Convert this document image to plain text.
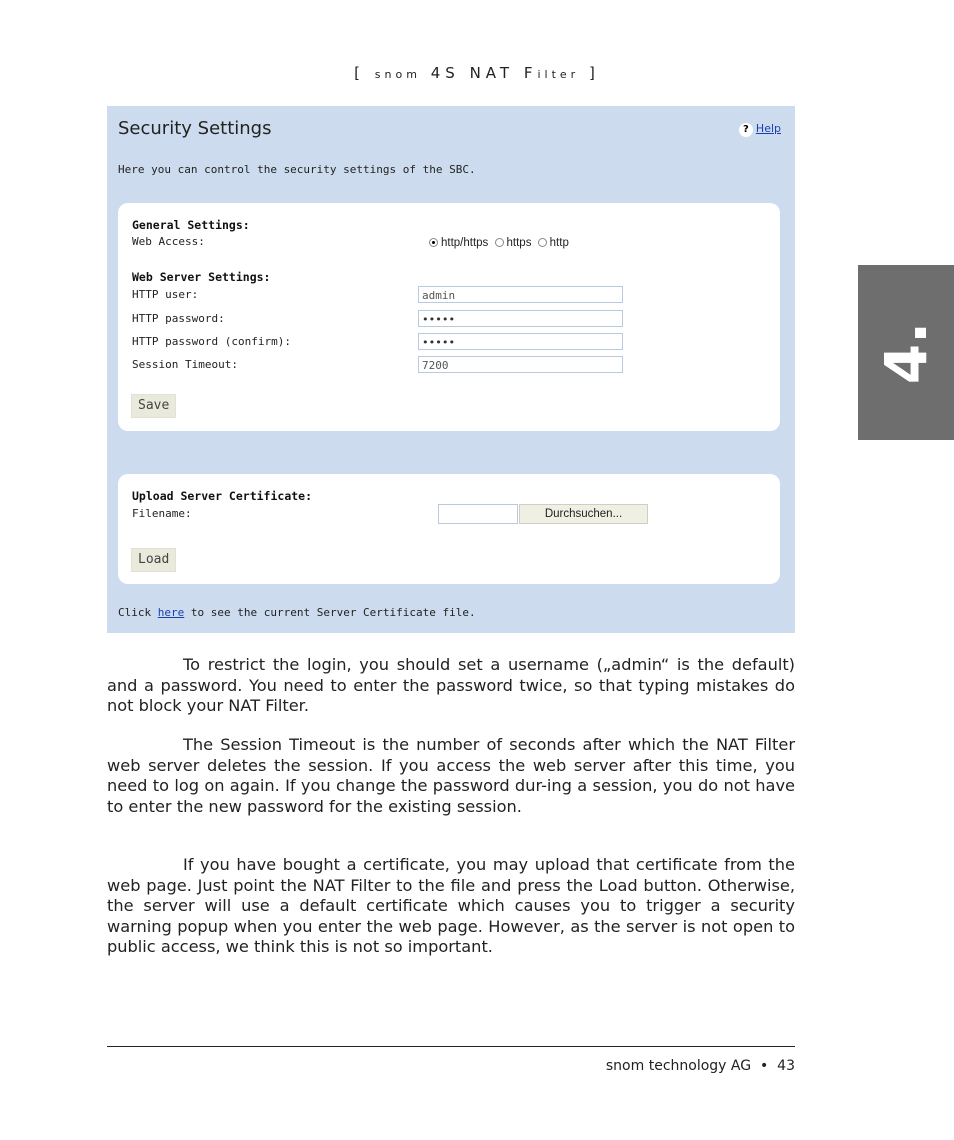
[ snom 4S NAT Filter ]
4.
Security Settings	? Help
Here you can control the security settings of the SBC.
General Settings:
Web Access:	http/https https http
Web Server Settings:
HTTP user:	admin
HTTP password:	•••••
HTTP password (confirm):	•••••
Session Timeout:	7200
Save
Upload Server Certificate:
Filename:	Durchsuchen...
Load
Click here to see the current Server Certificate file.
To restrict the login, you should set a username („admin“ is the default) and a password. You need to enter the password twice, so that typing mistakes do not block your NAT Filter.
The Session Timeout is the number of seconds after which the NAT Filter web server deletes the session. If you access the web server after this time, you need to log on again. If you change the password dur-ing a session, you do not have to enter the new password for the existing session.
If you have bought a certificate, you may upload that certificate from the web page. Just point the NAT Filter to the file and press the Load button. Otherwise, the server will use a default certificate which causes you to trigger a security warning popup when you enter the web page. However, as the server is not open to public access, we think this is not so important.
snom technology AG • 43
